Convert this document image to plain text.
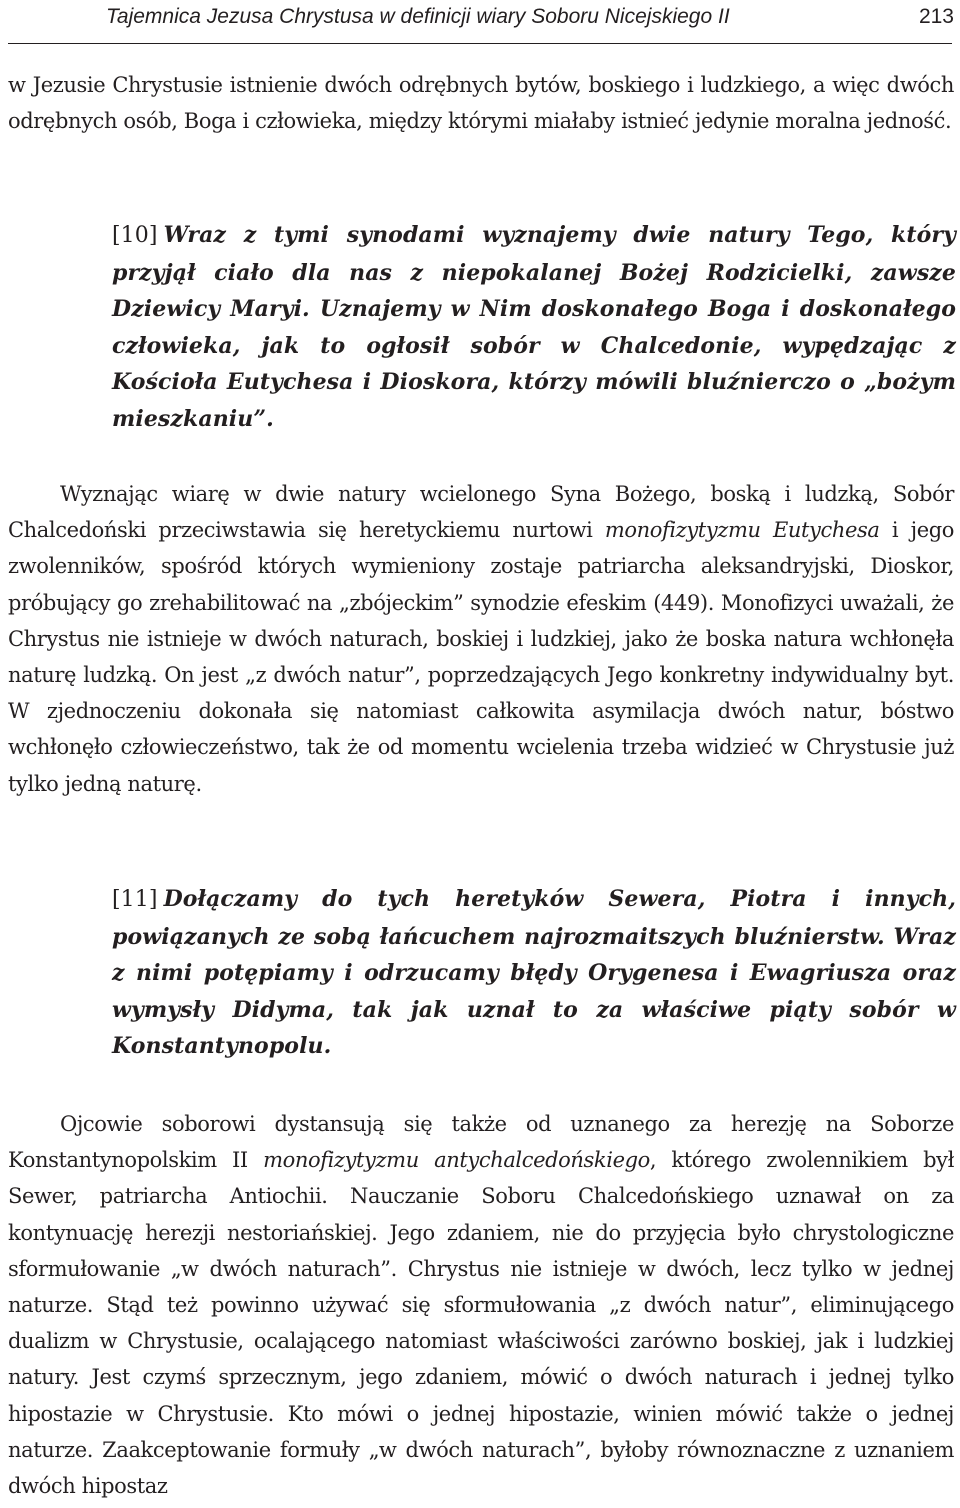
Tajemnica Jezusa Chrystusa w definicji wiary Soboru Nicejskiego II	213

w Jezusie Chrystusie istnienie dwóch odrębnych bytów, boskiego i ludzkiego, a więc dwóch odrębnych osób, Boga i człowieka, między którymi miałaby istnieć jedynie moralna jedność.

[10] Wraz z tymi synodami wyznajemy dwie natury Tego, który przyjął ciało dla nas z niepokalanej Bożej Rodzicielki, zawsze Dziewicy Maryi. Uznajemy w Nim doskonałego Boga i doskonałego człowieka, jak to ogłosił sobór w Chalcedonie, wypędzając z Kościoła Eutychesa i Dioskora, którzy mówili bluźnierczo o „bożym mieszkaniu”.

Wyznając wiarę w dwie natury wcielonego Syna Bożego, boską i ludzką, Sobór Chalcedoński przeciwstawia się heretyckiemu nurtowi monofizytyzmu Eutychesa i jego zwolenników, spośród których wymieniony zostaje patriarcha aleksandryjski, Dioskor, próbujący go zrehabilitować na „zbójeckim” synodzie efeskim (449). Monofizyci uważali, że Chrystus nie istnieje w dwóch naturach, boskiej i ludzkiej, jako że boska natura wchłonęła naturę ludzką. On jest „z dwóch natur”, poprzedzających Jego konkretny indywidualny byt. W zjednoczeniu dokonała się natomiast całkowita asymilacja dwóch natur, bóstwo wchłonęło człowieczeństwo, tak że od momentu wcielenia trzeba widzieć w Chrystusie już tylko jedną naturę.

[11] Dołączamy do tych heretyków Sewera, Piotra i innych, powiązanych ze sobą łańcuchem najrozmaitszych bluźnierstw. Wraz z nimi potępiamy i odrzucamy błędy Orygenesa i Ewagriusza oraz wymysły Didyma, tak jak uznał to za właściwe piąty sobór w Konstantynopolu.

Ojcowie soborowi dystansują się także od uznanego za herezję na Soborze Konstantynopolskim II monofizytyzmu antychalcedońskiego, którego zwolennikiem był Sewer, patriarcha Antiochii. Nauczanie Soboru Chalcedońskiego uznawał on za kontynuację herezji nestoriańskiej. Jego zdaniem, nie do przyjęcia było chrystologiczne sformułowanie „w dwóch naturach”. Chrystus nie istnieje w dwóch, lecz tylko w jednej naturze. Stąd też powinno używać się sformułowania „z dwóch natur”, eliminującego dualizm w Chrystusie, ocalającego natomiast właściwości zarówno boskiej, jak i ludzkiej natury. Jest czymś sprzecznym, jego zdaniem, mówić o dwóch naturach i jednej tylko hipostazie w Chrystusie. Kto mówi o jednej hipostazie, winien mówić także o jednej naturze. Zaakceptowanie formuły „w dwóch naturach”, byłoby równoznaczne z uznaniem dwóch hipostaz
